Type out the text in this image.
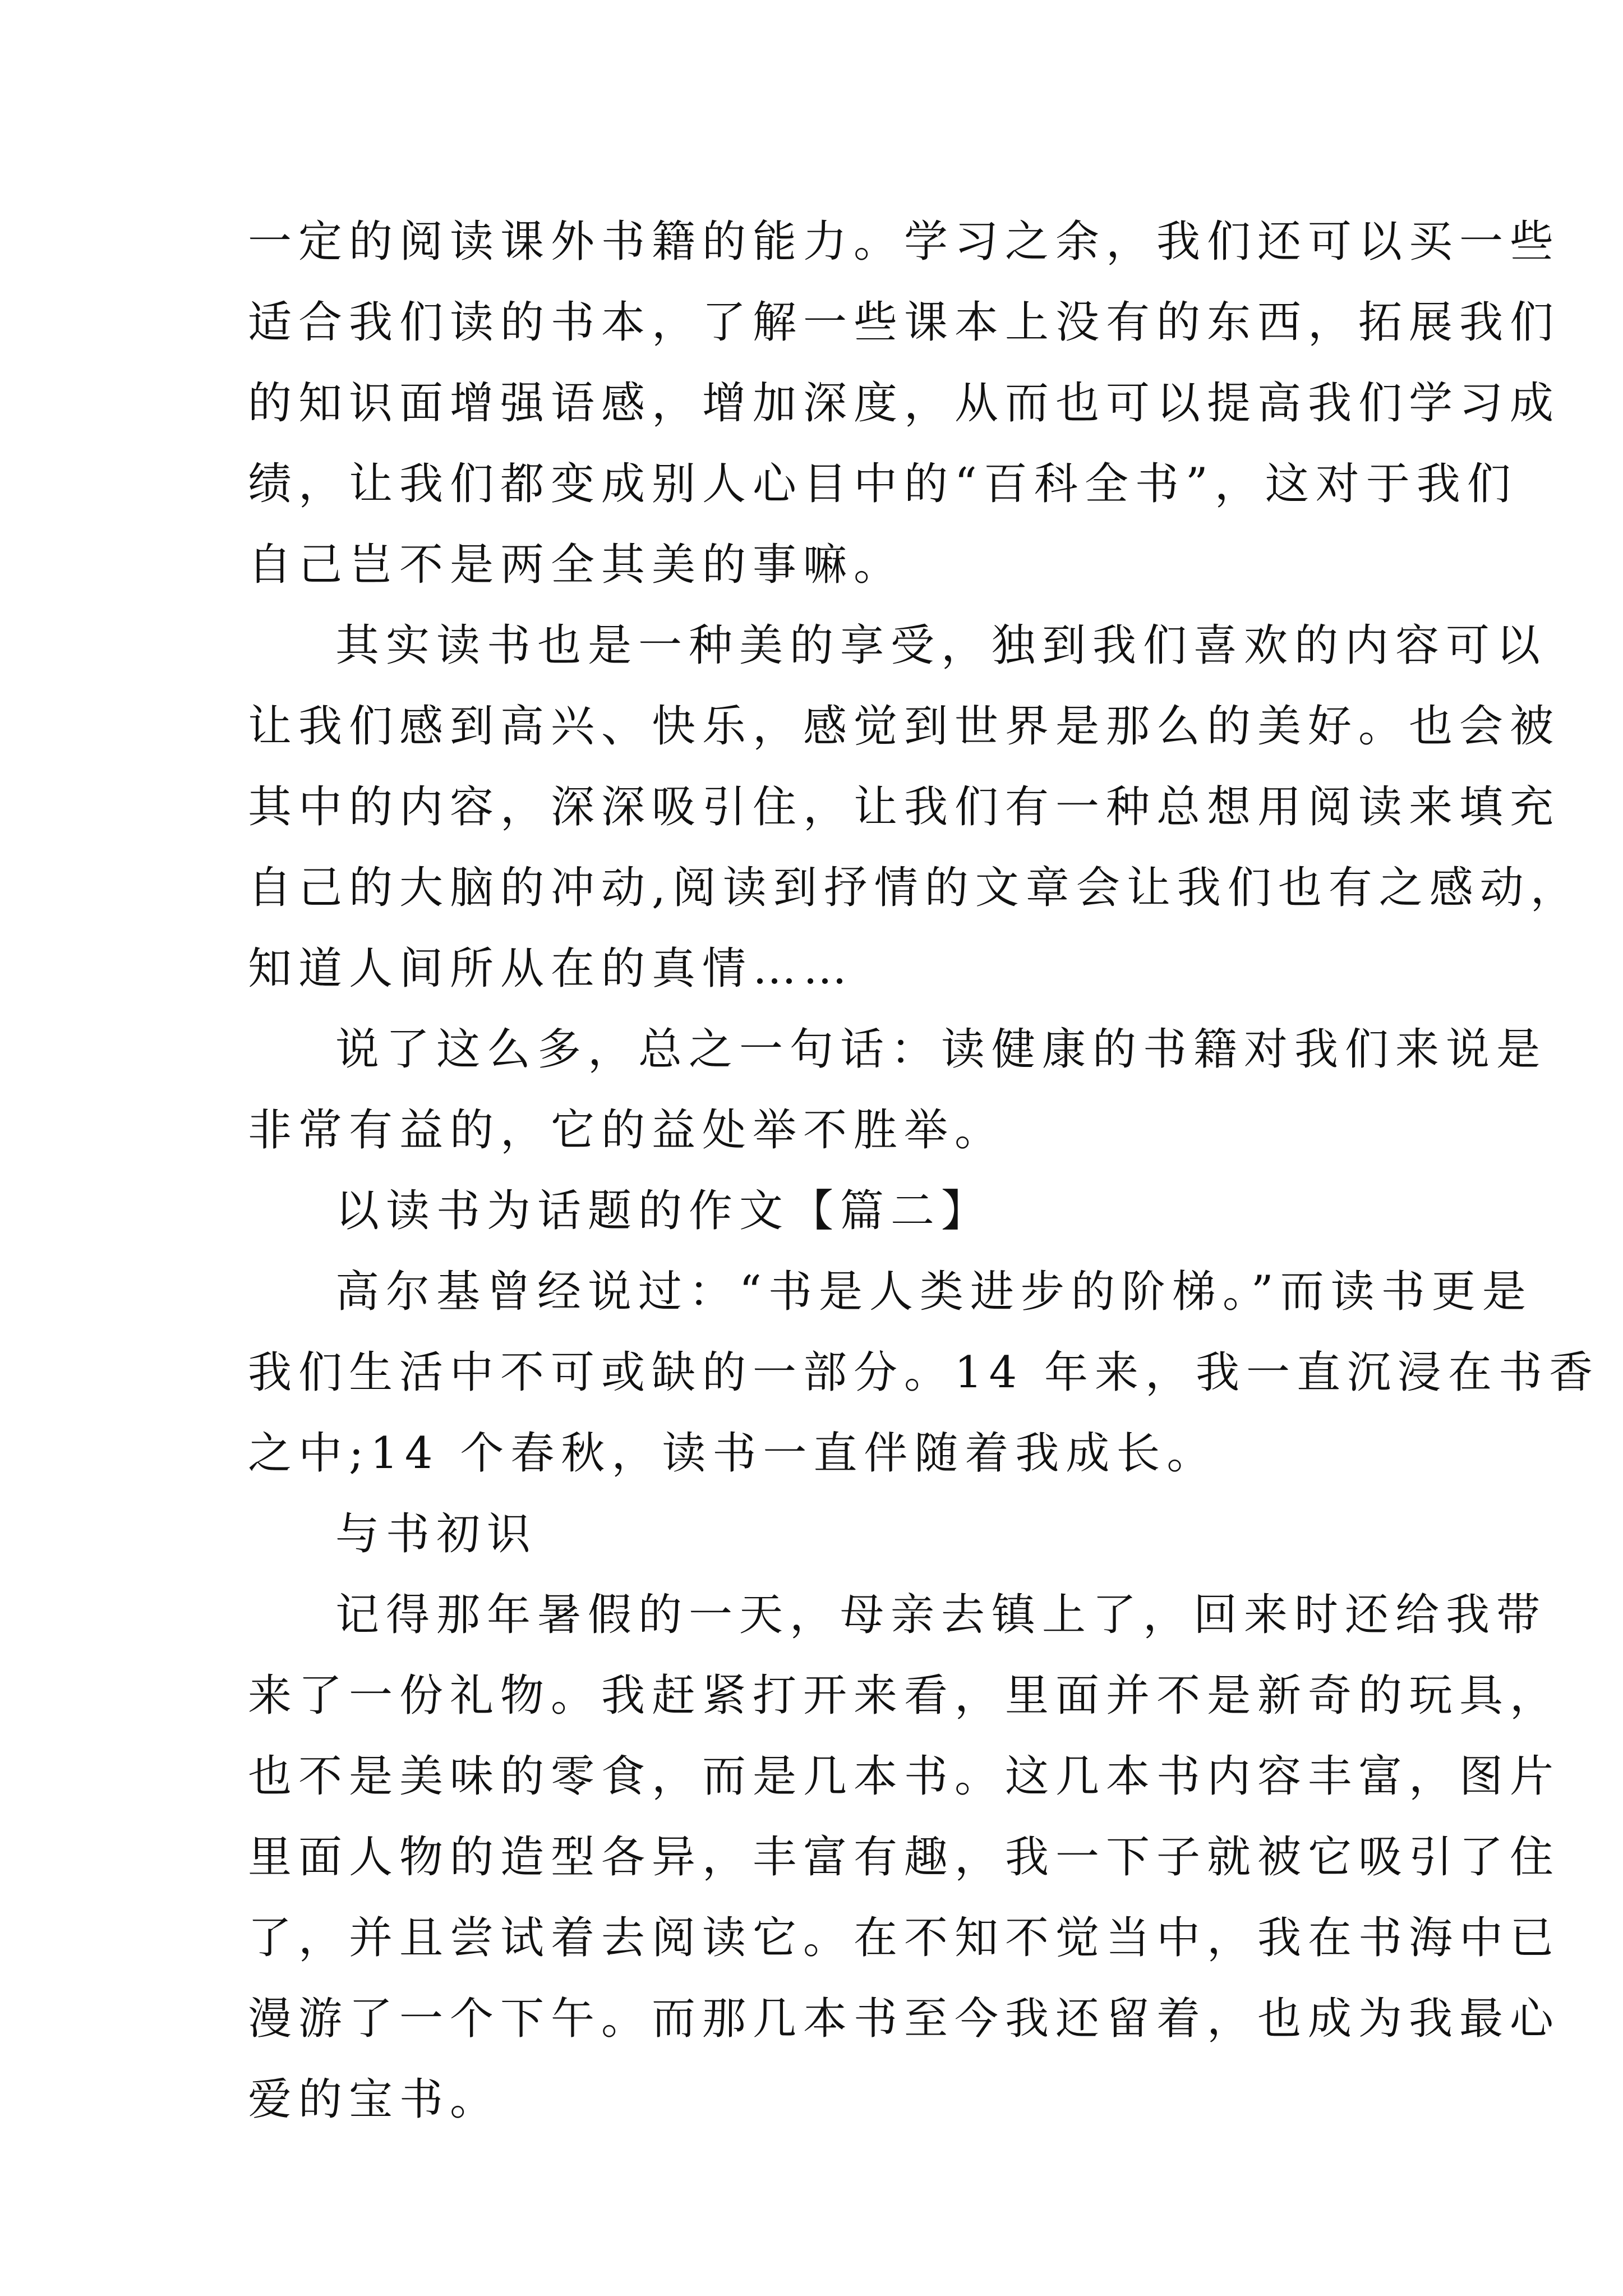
一定的阅读课外书籍的能力。学习之余，我们还可以买一些
适合我们读的书本，了解一些课本上没有的东西，拓展我们
的知识面增强语感，增加深度，从而也可以提高我们学习成
绩，让我们都变成别人心目中的“百科全书”，这对于我们
自己岂不是两全其美的事嘛。
其实读书也是一种美的享受，独到我们喜欢的内容可以
让我们感到高兴、快乐，感觉到世界是那么的美好。也会被
其中的内容，深深吸引住，让我们有一种总想用阅读来填充
自己的大脑的冲动,阅读到抒情的文章会让我们也有之感动，
知道人间所从在的真情……
说了这么多，总之一句话：读健康的书籍对我们来说是
非常有益的，它的益处举不胜举。
以读书为话题的作文【篇二】
高尔基曾经说过：“书是人类进步的阶梯。”而读书更是
我们生活中不可或缺的一部分。14 年来，我一直沉浸在书香
之中;14 个春秋，读书一直伴随着我成长。
与书初识
记得那年暑假的一天，母亲去镇上了，回来时还给我带
来了一份礼物。我赶紧打开来看，里面并不是新奇的玩具，
也不是美味的零食，而是几本书。这几本书内容丰富，图片
里面人物的造型各异，丰富有趣，我一下子就被它吸引了住
了，并且尝试着去阅读它。在不知不觉当中，我在书海中已
漫游了一个下午。而那几本书至今我还留着，也成为我最心
爱的宝书。
